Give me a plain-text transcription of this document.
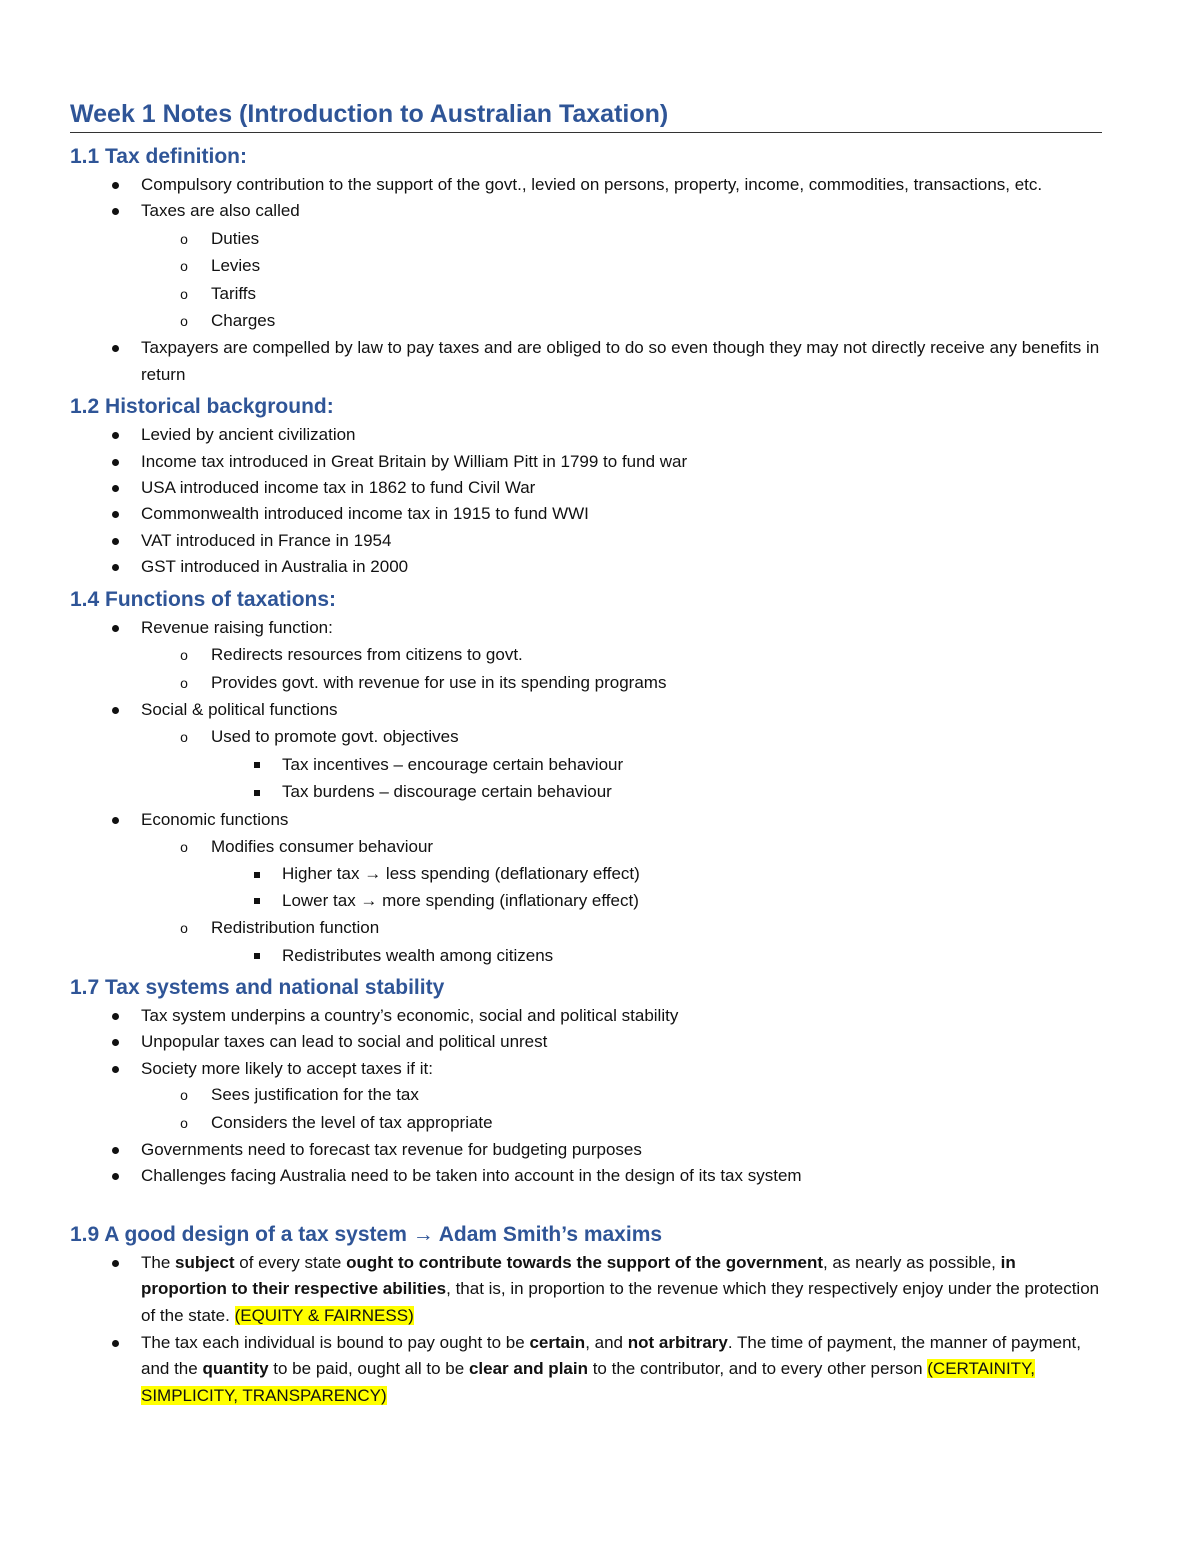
Week 1 Notes (Introduction to Australian Taxation)
1.1 Tax definition:
Compulsory contribution to the support of the govt., levied on persons, property, income, commodities, transactions, etc.
Taxes are also called
o
Duties
o
Levies
o
Tariffs
o
Charges
Taxpayers are compelled by law to pay taxes and are obliged to do so even though they may not directly receive any benefits in return
1.2 Historical background:
Levied by ancient civilization
Income tax introduced in Great Britain by William Pitt in 1799 to fund war
USA introduced income tax in 1862 to fund Civil War
Commonwealth introduced income tax in 1915 to fund WWI
VAT introduced in France in 1954
GST introduced in Australia in 2000
1.4 Functions of taxations:
Revenue raising function:
o
Redirects resources from citizens to govt.
o
Provides govt. with revenue for use in its spending programs
Social & political functions
o
Used to promote govt. objectives
Tax incentives – encourage certain behaviour
Tax burdens – discourage certain behaviour
Economic functions
o
Modifies consumer behaviour
Higher tax → less spending (deflationary effect)
Lower tax → more spending (inflationary effect)
o
Redistribution function
Redistributes wealth among citizens
1.7 Tax systems and national stability
Tax system underpins a country’s economic, social and political stability
Unpopular taxes can lead to social and political unrest
Society more likely to accept taxes if it:
o
Sees justification for the tax
o
Considers the level of tax appropriate
Governments need to forecast tax revenue for budgeting purposes
Challenges facing Australia need to be taken into account in the design of its tax system
1.9 A good design of a tax system → Adam Smith’s maxims
The subject of every state ought to contribute towards the support of the government, as nearly as possible, in proportion to their respective abilities, that is, in proportion to the revenue which they respectively enjoy under the protection of the state. (EQUITY & FAIRNESS)
The tax each individual is bound to pay ought to be certain, and not arbitrary. The time of payment, the manner of payment, and the quantity to be paid, ought all to be clear and plain to the contributor, and to every other person (CERTAINITY, SIMPLICITY, TRANSPARENCY)
